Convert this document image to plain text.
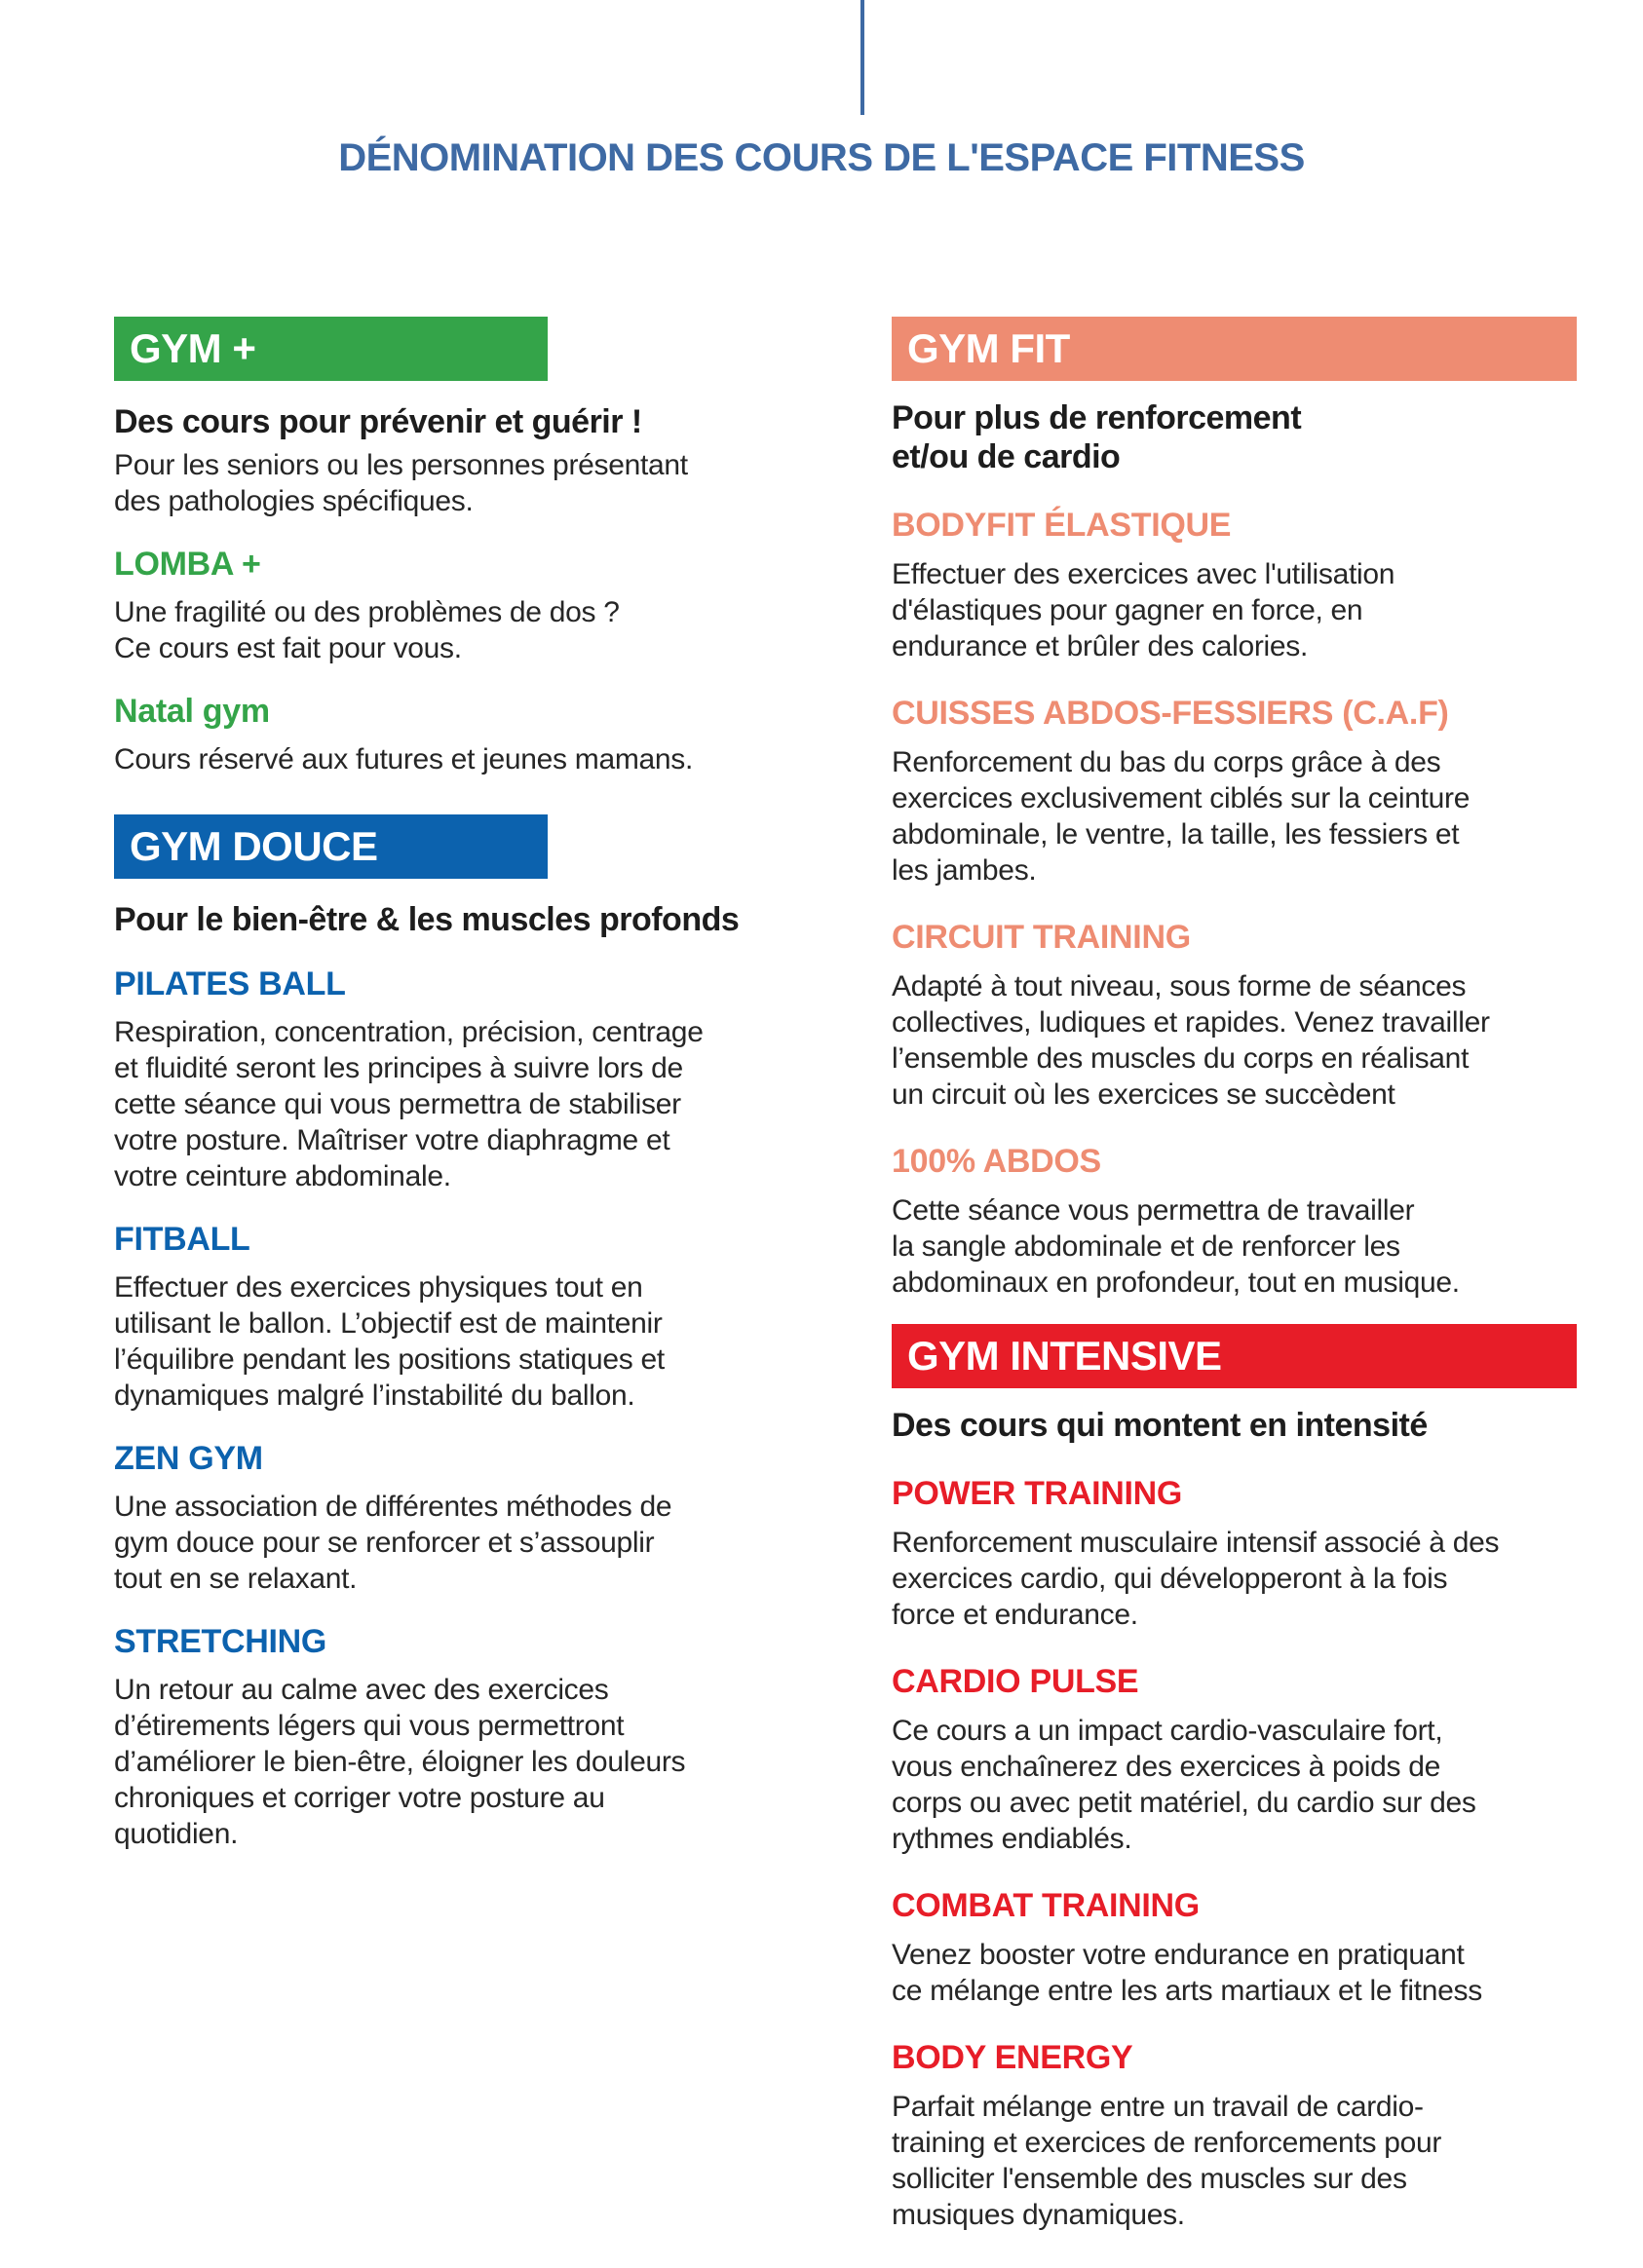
DÉNOMINATION DES COURS DE L'ESPACE FITNESS
GYM +
Des cours pour prévenir et guérir !
Pour les seniors ou les personnes présentant
des pathologies spécifiques.
LOMBA +
Une fragilité ou des problèmes de dos ?
Ce cours est fait pour vous.
Natal gym
Cours réservé aux futures et jeunes mamans.
GYM DOUCE
Pour le bien-être & les muscles profonds
PILATES BALL
Respiration, concentration, précision, centrage
et fluidité seront les principes à suivre lors de
cette séance qui vous permettra de stabiliser
votre posture. Maîtriser votre diaphragme et
votre ceinture abdominale.
FITBALL
Effectuer des exercices physiques tout en
utilisant le ballon. L’objectif est de maintenir
l’équilibre pendant les positions statiques et
dynamiques malgré l’instabilité du ballon.
ZEN GYM
Une association de différentes méthodes de
gym douce pour se renforcer et s’assouplir
tout en se relaxant.
STRETCHING
Un retour au calme avec des exercices
d’étirements légers qui vous permettront
d’améliorer le bien-être, éloigner les douleurs
chroniques et corriger votre posture au
quotidien.
GYM FIT
Pour plus de renforcement
et/ou de cardio
BODYFIT ÉLASTIQUE
Effectuer des exercices avec l'utilisation
d'élastiques pour gagner en force, en
endurance et brûler des calories.
CUISSES ABDOS-FESSIERS (C.A.F)
Renforcement du bas du corps grâce à des
exercices exclusivement ciblés sur la ceinture
abdominale, le ventre, la taille, les fessiers et
les jambes.
CIRCUIT TRAINING
Adapté à tout niveau, sous forme de séances
collectives, ludiques et rapides. Venez travailler
l’ensemble des muscles du corps en réalisant
un circuit où les exercices se succèdent
100% ABDOS
Cette séance vous permettra de travailler
la sangle abdominale et de renforcer les
abdominaux en profondeur, tout en musique.
GYM INTENSIVE
Des cours qui montent en intensité
POWER TRAINING
Renforcement musculaire intensif associé à des
exercices cardio, qui développeront à la fois
force et endurance.
CARDIO PULSE
Ce cours a un impact cardio-vasculaire fort,
vous enchaînerez des exercices à poids de
corps ou avec petit matériel, du cardio sur des
rythmes endiablés.
COMBAT TRAINING
Venez booster votre endurance en pratiquant
ce mélange entre les arts martiaux et le fitness
BODY ENERGY
Parfait mélange entre un travail de cardio-
training et exercices de renforcements pour
solliciter l'ensemble des muscles sur des
musiques dynamiques.
